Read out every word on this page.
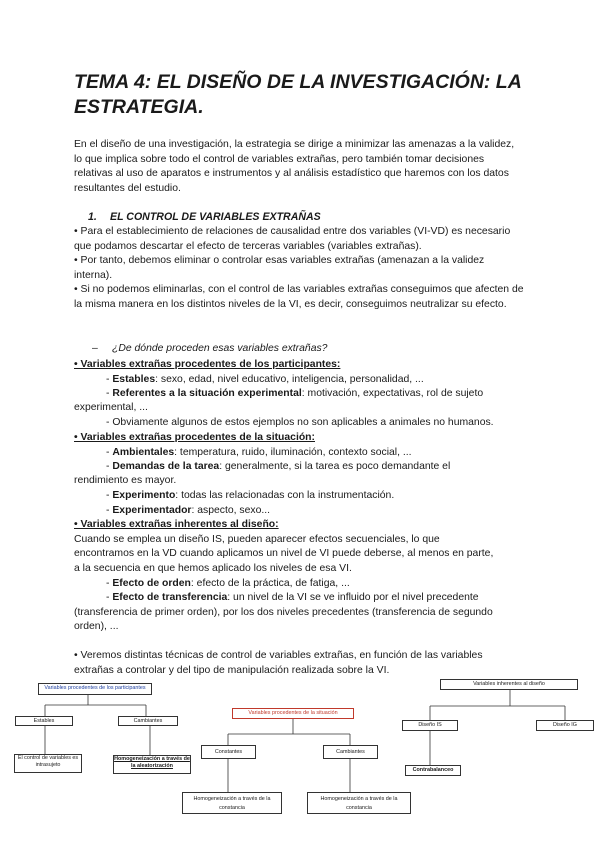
TEMA 4: EL DISEÑO DE LA INVESTIGACIÓN: LA ESTRATEGIA.

En el diseño de una investigación, la estrategia se dirige a minimizar las amenazas a la validez, lo que implica sobre todo el control de variables extrañas, pero también tomar decisiones relativas al uso de aparatos e instrumentos y al análisis estadístico que haremos con los datos resultantes del estudio.

1. EL CONTROL DE VARIABLES EXTRAÑAS

• Para el establecimiento de relaciones de causalidad entre dos variables (VI-VD) es necesario que podamos descartar el efecto de terceras variables (variables extrañas).

• Por tanto, debemos eliminar o controlar esas variables extrañas (amenazan a la validez interna).

• Si no podemos eliminarlas, con el control de las variables extrañas conseguimos que afecten de la misma manera en los distintos niveles de la VI, es decir, conseguimos neutralizar su efecto.

– ¿De dónde proceden esas variables extrañas?
• Variables extrañas procedentes de los participantes:
- Estables: sexo, edad, nivel educativo, inteligencia, personalidad, ...
- Referentes a la situación experimental: motivación, expectativas, rol de sujeto
experimental, ...
- Obviamente algunos de estos ejemplos no son aplicables a animales no humanos.
• Variables extrañas procedentes de la situación:
- Ambientales: temperatura, ruido, iluminación, contexto social, ...
- Demandas de la tarea: generalmente, si la tarea es poco demandante el
rendimiento es mayor.
- Experimento: todas las relacionadas con la instrumentación.
- Experimentador: aspecto, sexo...
• Variables extrañas inherentes al diseño:
Cuando se emplea un diseño IS, pueden aparecer efectos secuenciales, lo que
encontramos en la VD cuando aplicamos un nivel de VI puede deberse, al menos en parte,
a la secuencia en que hemos aplicado los niveles de esa VI.
- Efecto de orden: efecto de la práctica, de fatiga, ...
- Efecto de transferencia: un nivel de la VI se ve influido por el nivel precedente
(transferencia de primer orden), por los dos niveles precedentes (transferencia de segundo
orden), ...
• Veremos distintas técnicas de control de variables extrañas, en función de las variables
extrañas a controlar y del tipo de manipulación realizada sobre la VI.
Variables procedentes de los participantes
Estables	Cambiantes
El control de variables es intrasujeto
Homogeneización a través de la aleatorización
Variables procedentes de la situación
Constantes	Cambiantes
Homogeneización a través de la constancia
Homogeneización a través de la constancia
Variables inherentes al diseño
Diseño IS	Diseño IG
Contrabalanceo
